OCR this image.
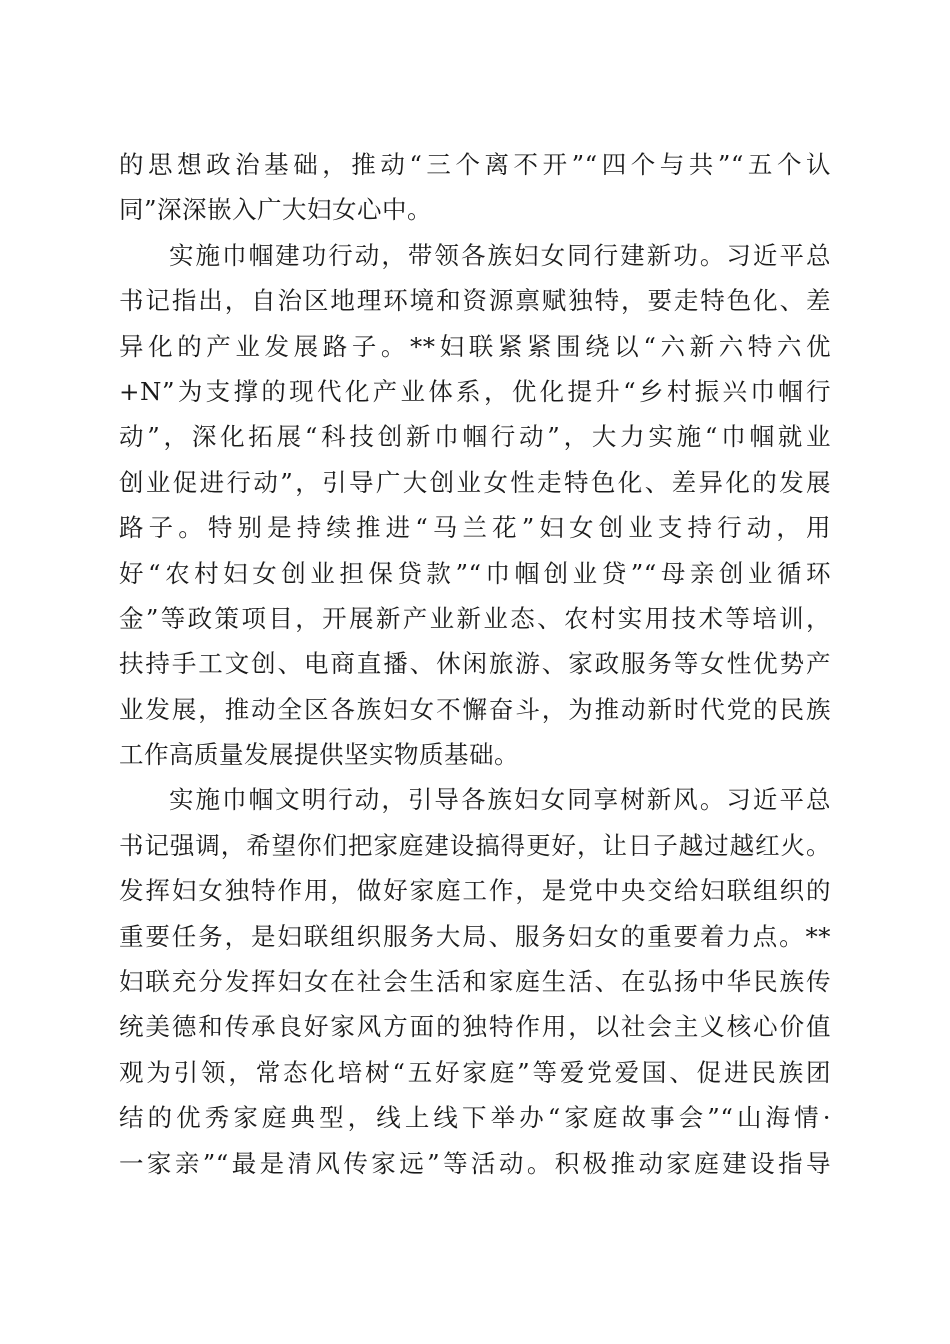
的思想政治基础，推动“三个离不开”“四个与共”“五个认
同”深深嵌入广大妇女心中。
实施巾帼建功行动，带领各族妇女同行建新功。习近平总
书记指出，自治区地理环境和资源禀赋独特，要走特色化、差
异化的产业发展路子。**妇联紧紧围绕以“六新六特六优
+N”为支撑的现代化产业体系，优化提升“乡村振兴巾帼行
动”，深化拓展“科技创新巾帼行动”，大力实施“巾帼就业
创业促进行动”，引导广大创业女性走特色化、差异化的发展
路子。特别是持续推进“马兰花”妇女创业支持行动，用
好“农村妇女创业担保贷款”“巾帼创业贷”“母亲创业循环
金”等政策项目，开展新产业新业态、农村实用技术等培训，
扶持手工文创、电商直播、休闲旅游、家政服务等女性优势产
业发展，推动全区各族妇女不懈奋斗，为推动新时代党的民族
工作高质量发展提供坚实物质基础。
实施巾帼文明行动，引导各族妇女同享树新风。习近平总
书记强调，希望你们把家庭建设搞得更好，让日子越过越红火。
发挥妇女独特作用，做好家庭工作，是党中央交给妇联组织的
重要任务，是妇联组织服务大局、服务妇女的重要着力点。**
妇联充分发挥妇女在社会生活和家庭生活、在弘扬中华民族传
统美德和传承良好家风方面的独特作用，以社会主义核心价值
观为引领，常态化培树“五好家庭”等爱党爱国、促进民族团
结的优秀家庭典型，线上线下举办“家庭故事会”“山海情·
一家亲”“最是清风传家远”等活动。积极推动家庭建设指导
